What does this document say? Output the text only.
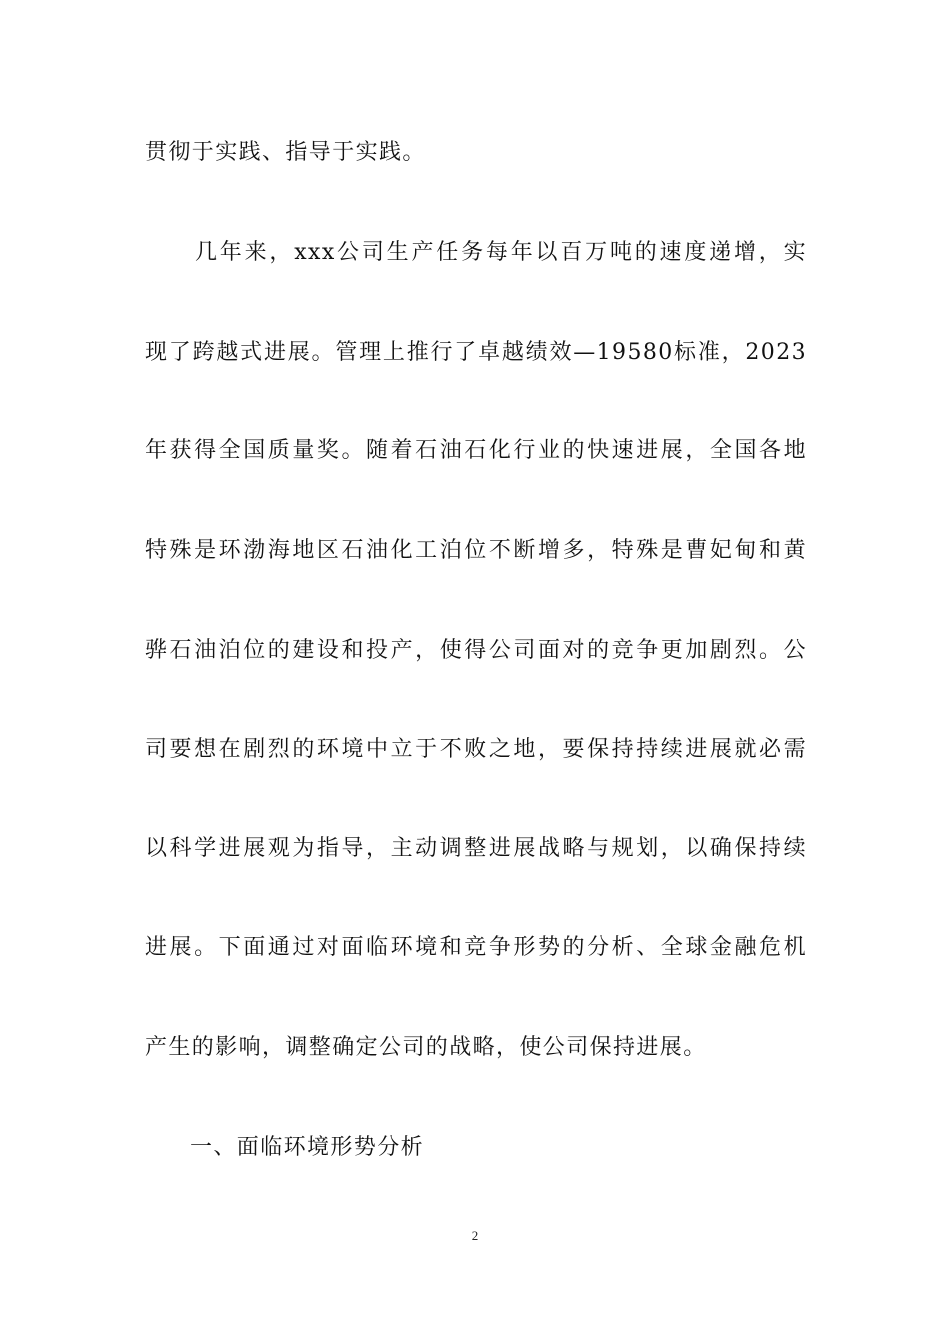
贯彻于实践、指导于实践。
几年来，xxx公司生产任务每年以百万吨的速度递增，实
现了跨越式进展。管理上推行了卓越绩效—19580标准，2023
年获得全国质量奖。随着石油石化行业的快速进展，全国各地
特殊是环渤海地区石油化工泊位不断增多，特殊是曹妃甸和黄
骅石油泊位的建设和投产，使得公司面对的竞争更加剧烈。公
司要想在剧烈的环境中立于不败之地，要保持持续进展就必需
以科学进展观为指导，主动调整进展战略与规划，以确保持续
进展。下面通过对面临环境和竞争形势的分析、全球金融危机
产生的影响，调整确定公司的战略，使公司保持进展。
一、面临环境形势分析
2
